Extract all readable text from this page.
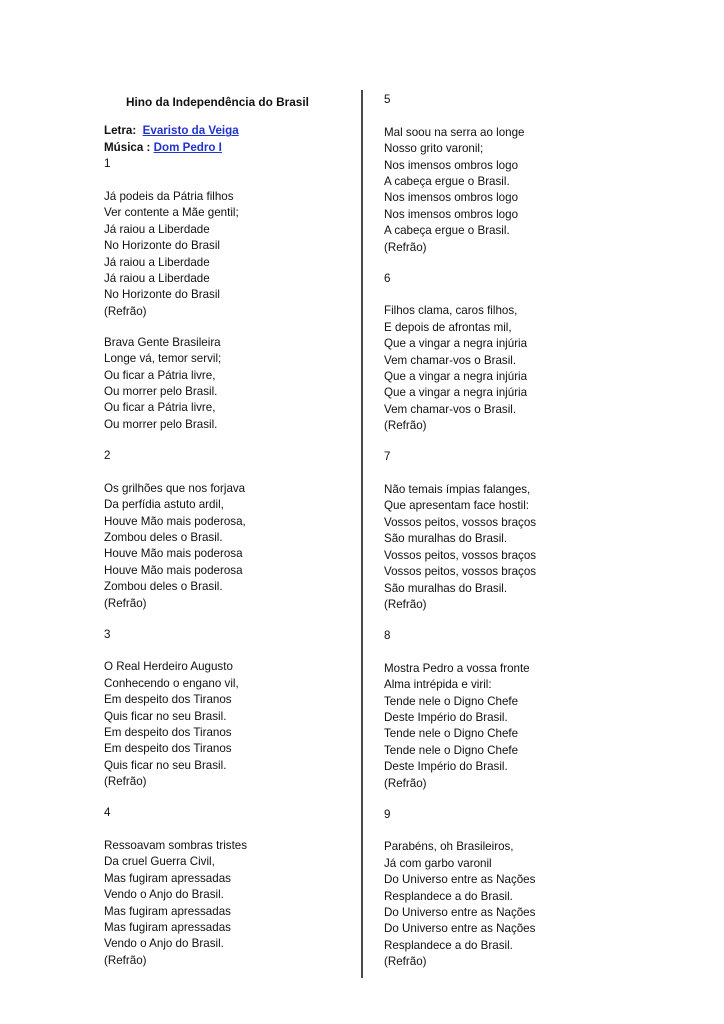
Hino da Independência do Brasil

Letra: Evaristo da Veiga
Música : Dom Pedro I

1

Já podeis da Pátria filhos

Ver contente a Mãe gentil;

Já raiou a Liberdade

No Horizonte do Brasil

Já raiou a Liberdade

Já raiou a Liberdade

No Horizonte do Brasil

(Refrão)

Brava Gente Brasileira

Longe vá, temor servil;

Ou ficar a Pátria livre,

Ou morrer pelo Brasil.

Ou ficar a Pátria livre,

Ou morrer pelo Brasil.

2

Os grilhões que nos forjava

Da perfídia astuto ardil,

Houve Mão mais poderosa,

Zombou deles o Brasil.

Houve Mão mais poderosa

Houve Mão mais poderosa

Zombou deles o Brasil.

(Refrão)

3

O Real Herdeiro Augusto

Conhecendo o engano vil,

Em despeito dos Tiranos

Quis ficar no seu Brasil.

Em despeito dos Tiranos

Em despeito dos Tiranos

Quis ficar no seu Brasil.

(Refrão)

4

Ressoavam sombras tristes

Da cruel Guerra Civil,

Mas fugiram apressadas

Vendo o Anjo do Brasil.

Mas fugiram apressadas

Mas fugiram apressadas

Vendo o Anjo do Brasil.

(Refrão)

5

Mal soou na serra ao longe

Nosso grito varonil;

Nos imensos ombros logo

A cabeça ergue o Brasil.

Nos imensos ombros logo

Nos imensos ombros logo

A cabeça ergue o Brasil.

(Refrão)

6

Filhos clama, caros filhos,

E depois de afrontas mil,

Que a vingar a negra injúria

Vem chamar-vos o Brasil.

Que a vingar a negra injúria

Que a vingar a negra injúria

Vem chamar-vos o Brasil.

(Refrão)

7

Não temais ímpias falanges,

Que apresentam face hostil:

Vossos peitos, vossos braços

São muralhas do Brasil.

Vossos peitos, vossos braços

Vossos peitos, vossos braços

São muralhas do Brasil.

(Refrão)

8

Mostra Pedro a vossa fronte

Alma intrépida e viril:

Tende nele o Digno Chefe

Deste Império do Brasil.

Tende nele o Digno Chefe

Tende nele o Digno Chefe

Deste Império do Brasil.

(Refrão)

9

Parabéns, oh Brasileiros,

Já com garbo varonil

Do Universo entre as Nações

Resplandece a do Brasil.

Do Universo entre as Nações

Do Universo entre as Nações

Resplandece a do Brasil.

(Refrão)
